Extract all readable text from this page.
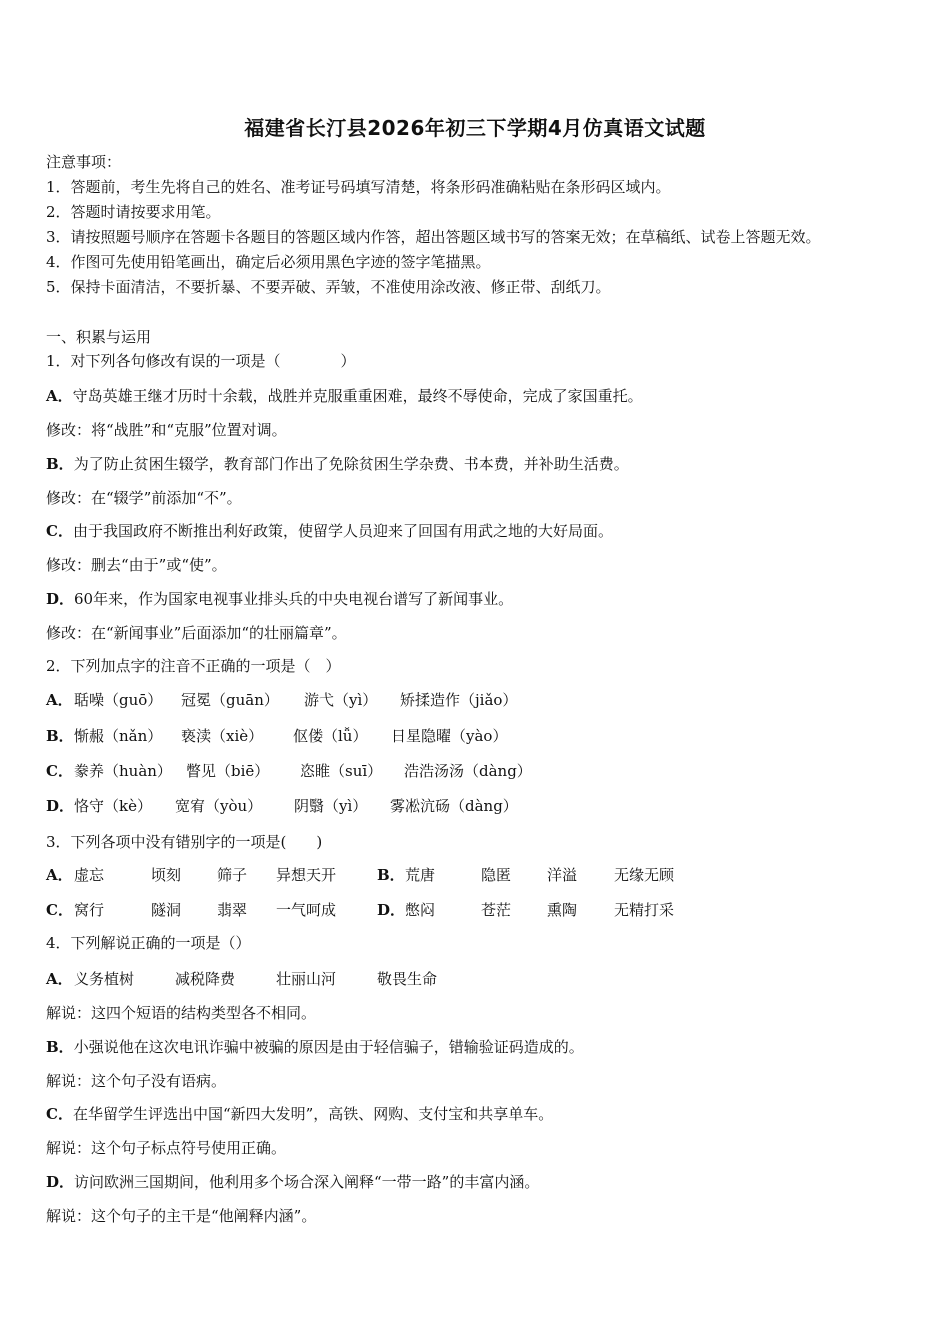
福建省长汀县2026年初三下学期4月仿真语文试题
注意事项：
1．答题前，考生先将自己的姓名、准考证号码填写清楚，将条形码准确粘贴在条形码区域内。
2．答题时请按要求用笔。
3．请按照题号顺序在答题卡各题目的答题区域内作答，超出答题区域书写的答案无效；在草稿纸、试卷上答题无效。
4．作图可先使用铅笔画出，确定后必须用黑色字迹的签字笔描黑。
5．保持卡面清洁，不要折暴、不要弄破、弄皱，不准使用涂改液、修正带、刮纸刀。
一、积累与运用
1．对下列各句修改有误的一项是（　　　　）
A．守岛英雄王继才历时十余载，战胜并克服重重困难，最终不辱使命，完成了家国重托。
修改：将“战胜”和“克服”位置对调。
B．为了防止贫困生辍学，教育部门作出了免除贫困生学杂费、书本费，并补助生活费。
修改：在“辍学”前添加“不”。
C．由于我国政府不断推出利好政策，使留学人员迎来了回国有用武之地的大好局面。
修改：删去“由于”或“使”。
D．60年来，作为国家电视事业排头兵的中央电视台谱写了新闻事业。
修改：在“新闻事业”后面添加“的壮丽篇章”。
2．下列加点字的注音不正确的一项是（　）
A． 聒噪（guō） 冠冕（guān） 游弋（yì） 矫揉造作（jiǎo）
B． 惭赧（nǎn） 亵渎（xiè） 伛偻（lǚ） 日星隐曜（yào）
C． 豢养（huàn） 瞥见（biē） 恣睢（suī） 浩浩汤汤（dàng）
D． 恪守（kè） 宽宥（yòu） 阴翳（yì） 雾凇沆砀（dàng）
3．下列各项中没有错别字的一项是(　　)
A． 虚忘	顷刻 筛子 异想天开	B． 荒唐	隐匿 洋溢 无缘无顾
C． 窝行	隧洞 翡翠 一气呵成	D． 憋闷	苍茫 熏陶 无精打采
4．下列解说正确的一项是（）
A． 义务植树	减税降费	壮丽山河	敬畏生命
解说：这四个短语的结构类型各不相同。
B．小强说他在这次电讯诈骗中被骗的原因是由于轻信骗子，错输验证码造成的。
解说：这个句子没有语病。
C．在华留学生评选出中国“新四大发明”，高铁、网购、支付宝和共享单车。
解说：这个句子标点符号使用正确。
D．访问欧洲三国期间，他利用多个场合深入阐释“一带一路”的丰富内涵。
解说：这个句子的主干是“他阐释内涵”。
